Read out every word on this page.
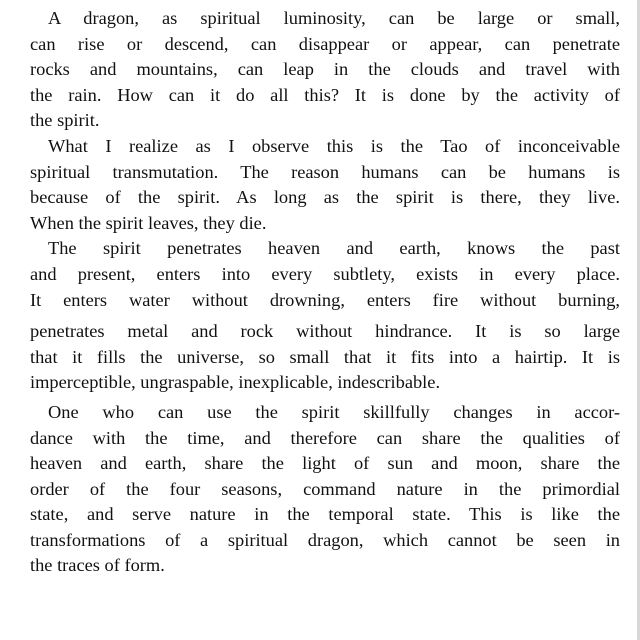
A dragon, as spiritual luminosity, can be large or small,
can rise or descend, can disappear or appear, can penetrate
rocks and mountains, can leap in the clouds and travel with
the rain. How can it do all this? It is done by the activity of
the spirit.
What I realize as I observe this is the Tao of inconceivable
spiritual transmutation. The reason humans can be humans is
because of the spirit. As long as the spirit is there, they live.
When the spirit leaves, they die.
The spirit penetrates heaven and earth, knows the past
and present, enters into every subtlety, exists in every place.
It enters water without drowning, enters fire without burning,
penetrates metal and rock without hindrance. It is so large
that it fills the universe, so small that it fits into a hairtip. It is
imperceptible, ungraspable, inexplicable, indescribable.
One who can use the spirit skillfully changes in accor-
dance with the time, and therefore can share the qualities of
heaven and earth, share the light of sun and moon, share the
order of the four seasons, command nature in the primordial
state, and serve nature in the temporal state. This is like the
transformations of a spiritual dragon, which cannot be seen in
the traces of form.
